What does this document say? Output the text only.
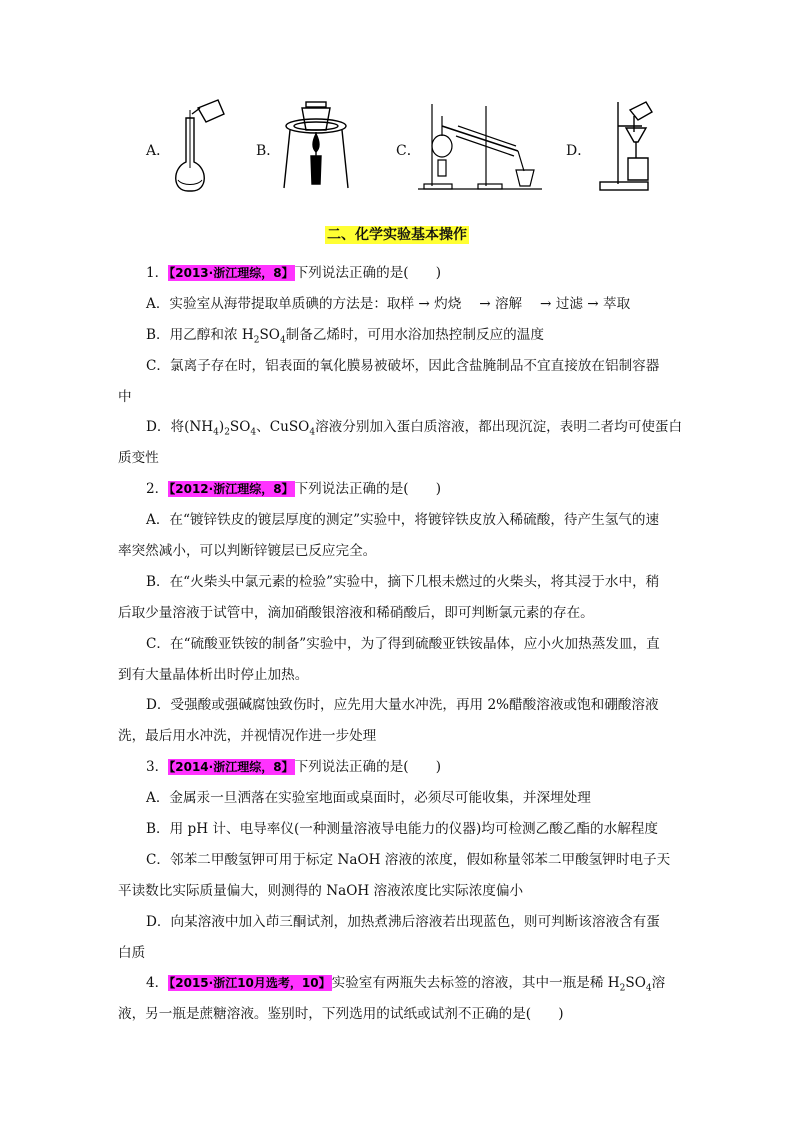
A．	B．	C．	D．
二、化学实验基本操作
1．【2013·浙江理综，8】下列说法正确的是(　　)
A．实验室从海带提取单质碘的方法是：取样 → 灼烧 　→ 溶解 　→ 过滤 → 萃取
B．用乙醇和浓 $H_2SO_4$制备乙烯时，可用水浴加热控制反应的温度
C．氯离子存在时，铝表面的氧化膜易被破坏，因此含盐腌制品不宜直接放在铝制容器
中
D．将$(NH_4)_2SO_4$、CuSO$_4$溶液分别加入蛋白质溶液，都出现沉淀，表明二者均可使蛋白
质变性
2．【2012·浙江理综，8】下列说法正确的是(　　)
A．在“镀锌铁皮的镀层厚度的测定”实验中，将镀锌铁皮放入稀硫酸，待产生氢气的速
率突然减小，可以判断锌镀层已反应完全。
B．在“火柴头中氯元素的检验”实验中，摘下几根未燃过的火柴头，将其浸于水中，稍
后取少量溶液于试管中，滴加硝酸银溶液和稀硝酸后，即可判断氯元素的存在。
C．在“硫酸亚铁铵的制备”实验中，为了得到硫酸亚铁铵晶体，应小火加热蒸发皿，直
到有大量晶体析出时停止加热。
D．受强酸或强碱腐蚀致伤时，应先用大量水冲洗，再用 2%醋酸溶液或饱和硼酸溶液
洗，最后用水冲洗，并视情况作进一步处理
3．【2014·浙江理综，8】下列说法正确的是(　　)
A．金属汞一旦洒落在实验室地面或桌面时，必须尽可能收集，并深埋处理
B．用 pH 计、电导率仪(一种测量溶液导电能力的仪器)均可检测乙酸乙酯的水解程度
C．邻苯二甲酸氢钾可用于标定 NaOH 溶液的浓度，假如称量邻苯二甲酸氢钾时电子天
平读数比实际质量偏大，则测得的 NaOH 溶液浓度比实际浓度偏小
D．向某溶液中加入茚三酮试剂，加热煮沸后溶液若出现蓝色，则可判断该溶液含有蛋
白质
4．【2015·浙江10月选考，10】实验室有两瓶失去标签的溶液，其中一瓶是稀 $H_2SO_4$溶
液，另一瓶是蔗糖溶液。鉴别时，下列选用的试纸或试剂不正确的是(　　)
